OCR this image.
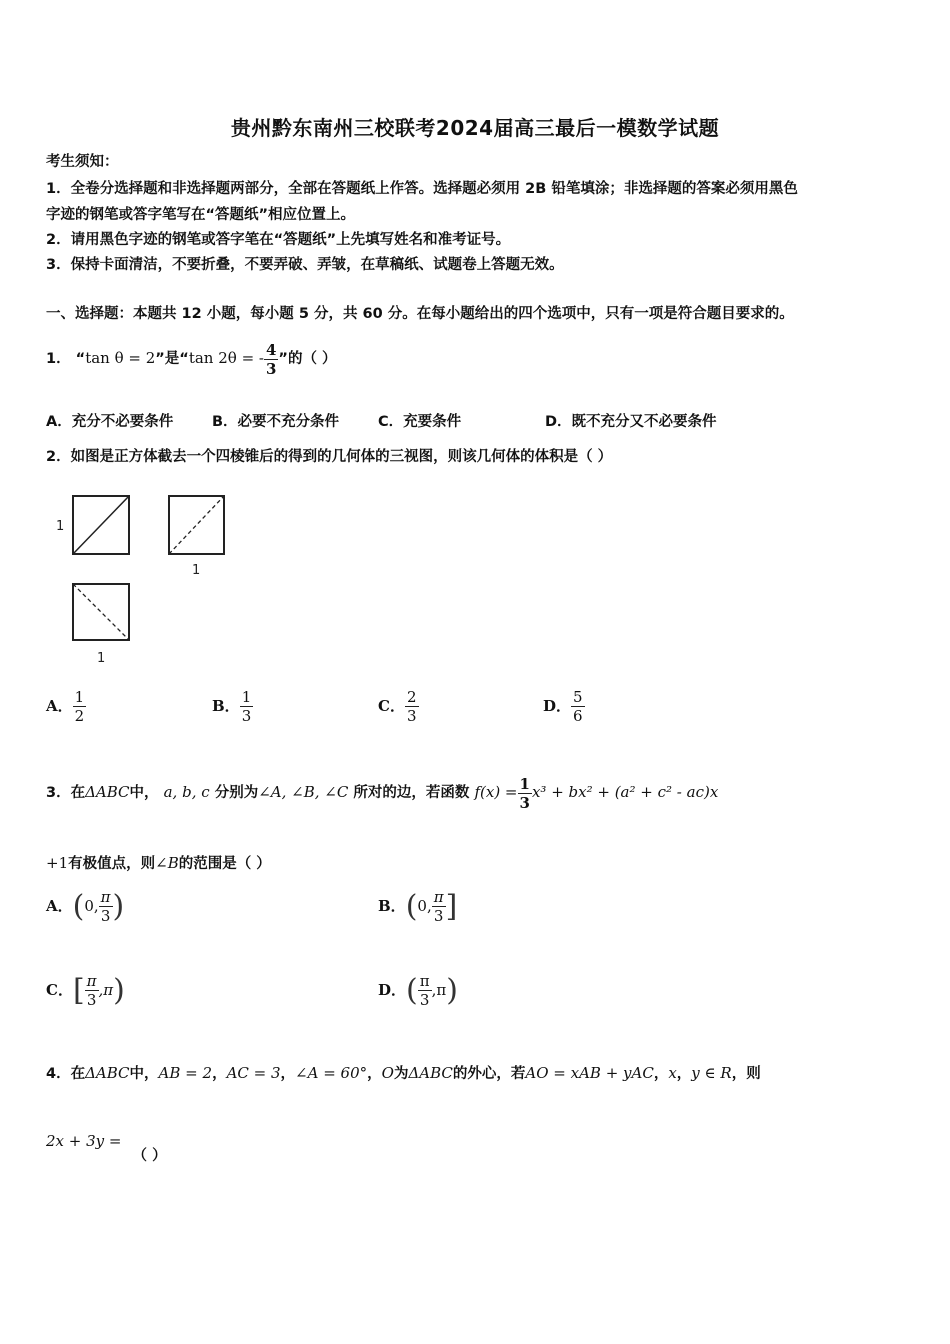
贵州黔东南州三校联考2024届高三最后一模数学试题
考生须知：
1．全卷分选择题和非选择题两部分，全部在答题纸上作答。选择题必须用 2B 铅笔填涂；非选择题的答案必须用黑色
字迹的钢笔或答字笔写在“答题纸”相应位置上。
2．请用黑色字迹的钢笔或答字笔在“答题纸”上先填写姓名和准考证号。
3．保持卡面清洁，不要折叠，不要弄破、弄皱，在草稿纸、试题卷上答题无效。
一、选择题：本题共 12 小题，每小题 5 分，共 60 分。在每小题给出的四个选项中，只有一项是符合题目要求的。
1． “tan θ = 2”是“tan 2θ = - $\frac{4}{3}$ ”的（ ）
A．充分不必要条件	B．必要不充分条件	C．充要条件	D．既不充分又不必要条件
2．如图是正方体截去一个四棱锥后的得到的几何体的三视图，则该几何体的体积是（ ）
1
1
1
A． $\frac{1}{2}$	B． $\frac{1}{3}$	C． $\frac{2}{3}$	D． $\frac{5}{6}$
3．在ΔABC中， a, b, c 分别为∠A, ∠B, ∠C 所对的边，若函数 $f(x) = \frac{1}{3} x^3 + bx^2 + (a^2 + c^2 - ac)x$
+1有极值点，则∠B的范围是（ ）
A．(0, $\frac{\pi}{3}$ )	B．(0, $\frac{\pi}{3}$ ]
C．[ $\frac{\pi}{3} ,\pi$)	D．( $\frac{\pi}{3} ,\pi$)
4．在ΔABC中，AB = 2，AC = 3，∠A = 60°，O为ΔABC的外心，若AO = xAB + yAC，x，y ∈ R，则
2x + 3y = （ ）
